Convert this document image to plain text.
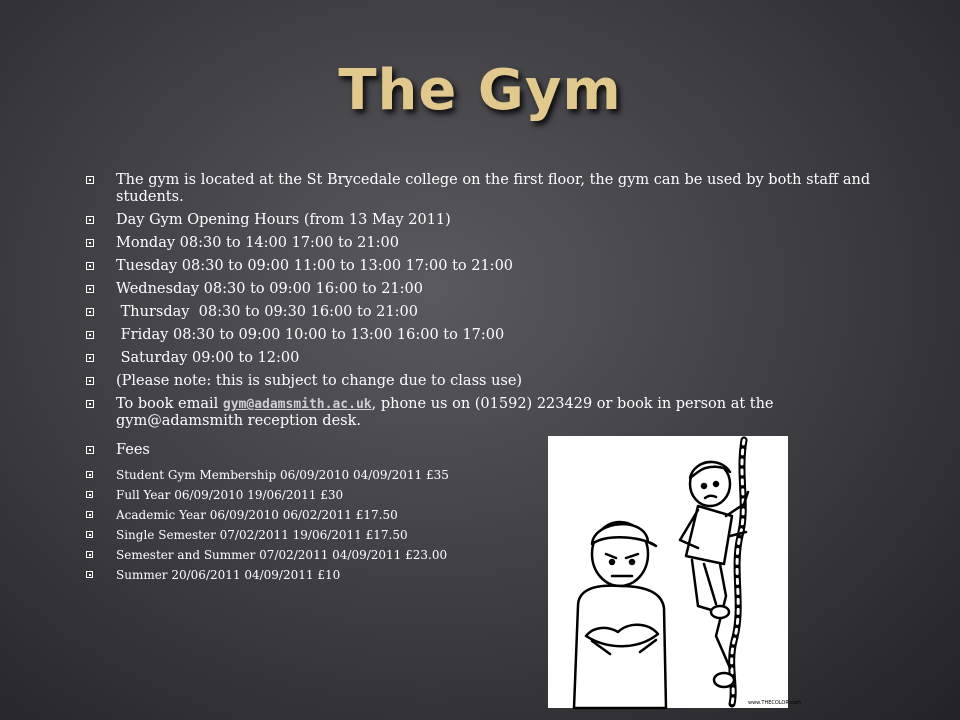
The Gym
The gym is located at the St Brycedale college on the first floor, the gym can be used by both staff and students.
Day Gym Opening Hours (from 13 May 2011)
Monday 08:30 to 14:00 17:00 to 21:00
Tuesday 08:30 to 09:00 11:00 to 13:00 17:00 to 21:00
Wednesday 08:30 to 09:00 16:00 to 21:00
Thursday  08:30 to 09:30 16:00 to 21:00
Friday 08:30 to 09:00 10:00 to 13:00 16:00 to 17:00
Saturday 09:00 to 12:00
(Please note: this is subject to change due to class use)
To book email gym@adamsmith.ac.uk, phone us on (01592) 223429 or book in person at the gym@adamsmith reception desk.
Fees
Student Gym Membership 06/09/2010 04/09/2011 £35
Full Year 06/09/2010 19/06/2011 £30
Academic Year 06/09/2010 06/02/2011 £17.50
Single Semester 07/02/2011 19/06/2011 £17.50
Semester and Summer 07/02/2011 04/09/2011 £23.00
Summer 20/06/2011 04/09/2011 £10
www.THECOLOR.com
